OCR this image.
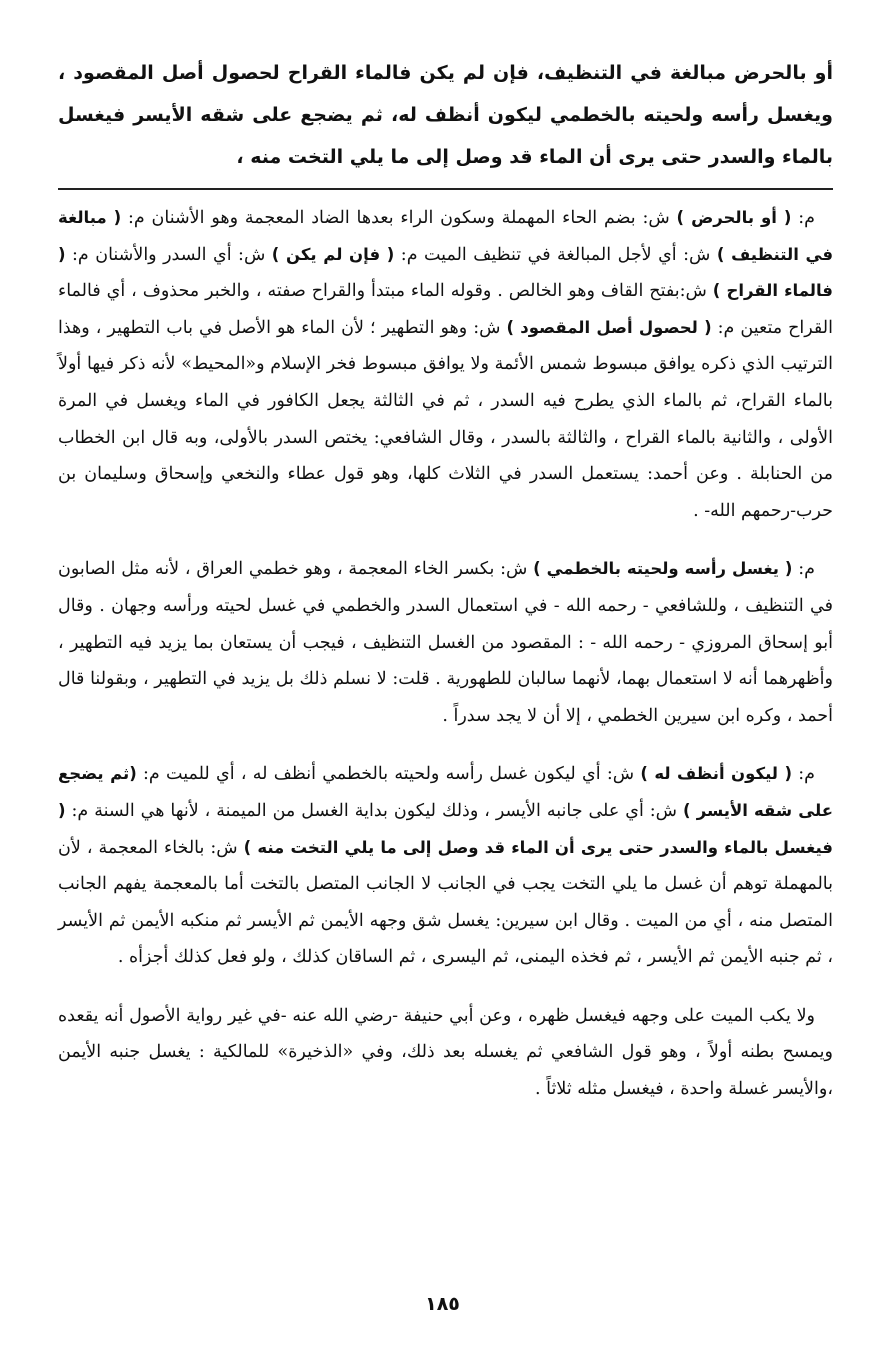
أو بالحرض مبالغة في التنظيف، فإن لم يكن فالماء القراح لحصول أصل المقصود ، ويغسل رأسه ولحيته بالخطمي ليكون أنظف له، ثم يضجع على شقه الأيسر فيغسل بالماء والسدر حتى يرى أن الماء قد وصل إلى ما يلي التخت منه ،

م: ( أو بالحرض ) ش: بضم الحاء المهملة وسكون الراء بعدها الضاد المعجمة وهو الأشنان م: ( مبالغة في التنظيف ) ش: أي لأجل المبالغة في تنظيف الميت م: ( فإن لم يكن ) ش: أي السدر والأشنان م: ( فالماء القراح ) ش:بفتح القاف وهو الخالص . وقوله الماء مبتدأ والقراح صفته ، والخبر محذوف ، أي فالماء القراح متعين م: ( لحصول أصل المقصود ) ش: وهو التطهير ؛ لأن الماء هو الأصل في باب التطهير ، وهذا الترتيب الذي ذكره يوافق مبسوط شمس الأئمة ولا يوافق مبسوط فخر الإسلام و«المحيط» لأنه ذكر فيها أولاً بالماء القراح، ثم بالماء الذي يطرح فيه السدر ، ثم في الثالثة يجعل الكافور في الماء ويغسل في المرة الأولى ، والثانية بالماء القراح ، والثالثة بالسدر ، وقال الشافعي: يختص السدر بالأولى، وبه قال ابن الخطاب من الحنابلة . وعن أحمد: يستعمل السدر في الثلاث كلها، وهو قول عطاء والنخعي وإسحاق وسليمان بن حرب-رحمهم الله- .

م: ( يغسل رأسه ولحيته بالخطمي ) ش: بكسر الخاء المعجمة ، وهو خطمي العراق ، لأنه مثل الصابون في التنظيف ، وللشافعي - رحمه الله - في استعمال السدر والخطمي في غسل لحيته ورأسه وجهان . وقال أبو إسحاق المروزي - رحمه الله - : المقصود من الغسل التنظيف ، فيجب أن يستعان بما يزيد فيه التطهير ، وأظهرهما أنه لا استعمال بهما، لأنهما سالبان للطهورية . قلت: لا نسلم ذلك بل يزيد في التطهير ، وبقولنا قال أحمد ، وكره ابن سيرين الخطمي ، إلا أن لا يجد سدراً .

م: ( ليكون أنظف له ) ش: أي ليكون غسل رأسه ولحيته بالخطمي أنظف له ، أي للميت م: (ثم يضجع على شقه الأيسر ) ش: أي على جانبه الأيسر ، وذلك ليكون بداية الغسل من الميمنة ، لأنها هي السنة م: ( فيغسل بالماء والسدر حتى يرى أن الماء قد وصل إلى ما يلي التخت منه ) ش: بالخاء المعجمة ، لأن بالمهملة توهم أن غسل ما يلي التخت يجب في الجانب لا الجانب المتصل بالتخت أما بالمعجمة يفهم الجانب المتصل منه ، أي من الميت . وقال ابن سيرين: يغسل شق وجهه الأيمن ثم الأيسر ثم منكبه الأيمن ثم الأيسر ، ثم جنبه الأيمن ثم الأيسر ، ثم فخذه اليمنى، ثم اليسرى ، ثم الساقان كذلك ، ولو فعل كذلك أجزأه .

ولا يكب الميت على وجهه فيغسل ظهره ، وعن أبي حنيفة -رضي الله عنه -في غير رواية الأصول أنه يقعده ويمسح بطنه أولاً ، وهو قول الشافعي ثم يغسله بعد ذلك، وفي «الذخيرة» للمالكية : يغسل جنبه الأيمن ،والأيسر غسلة واحدة ، فيغسل مثله ثلاثاً .

١٨٥
